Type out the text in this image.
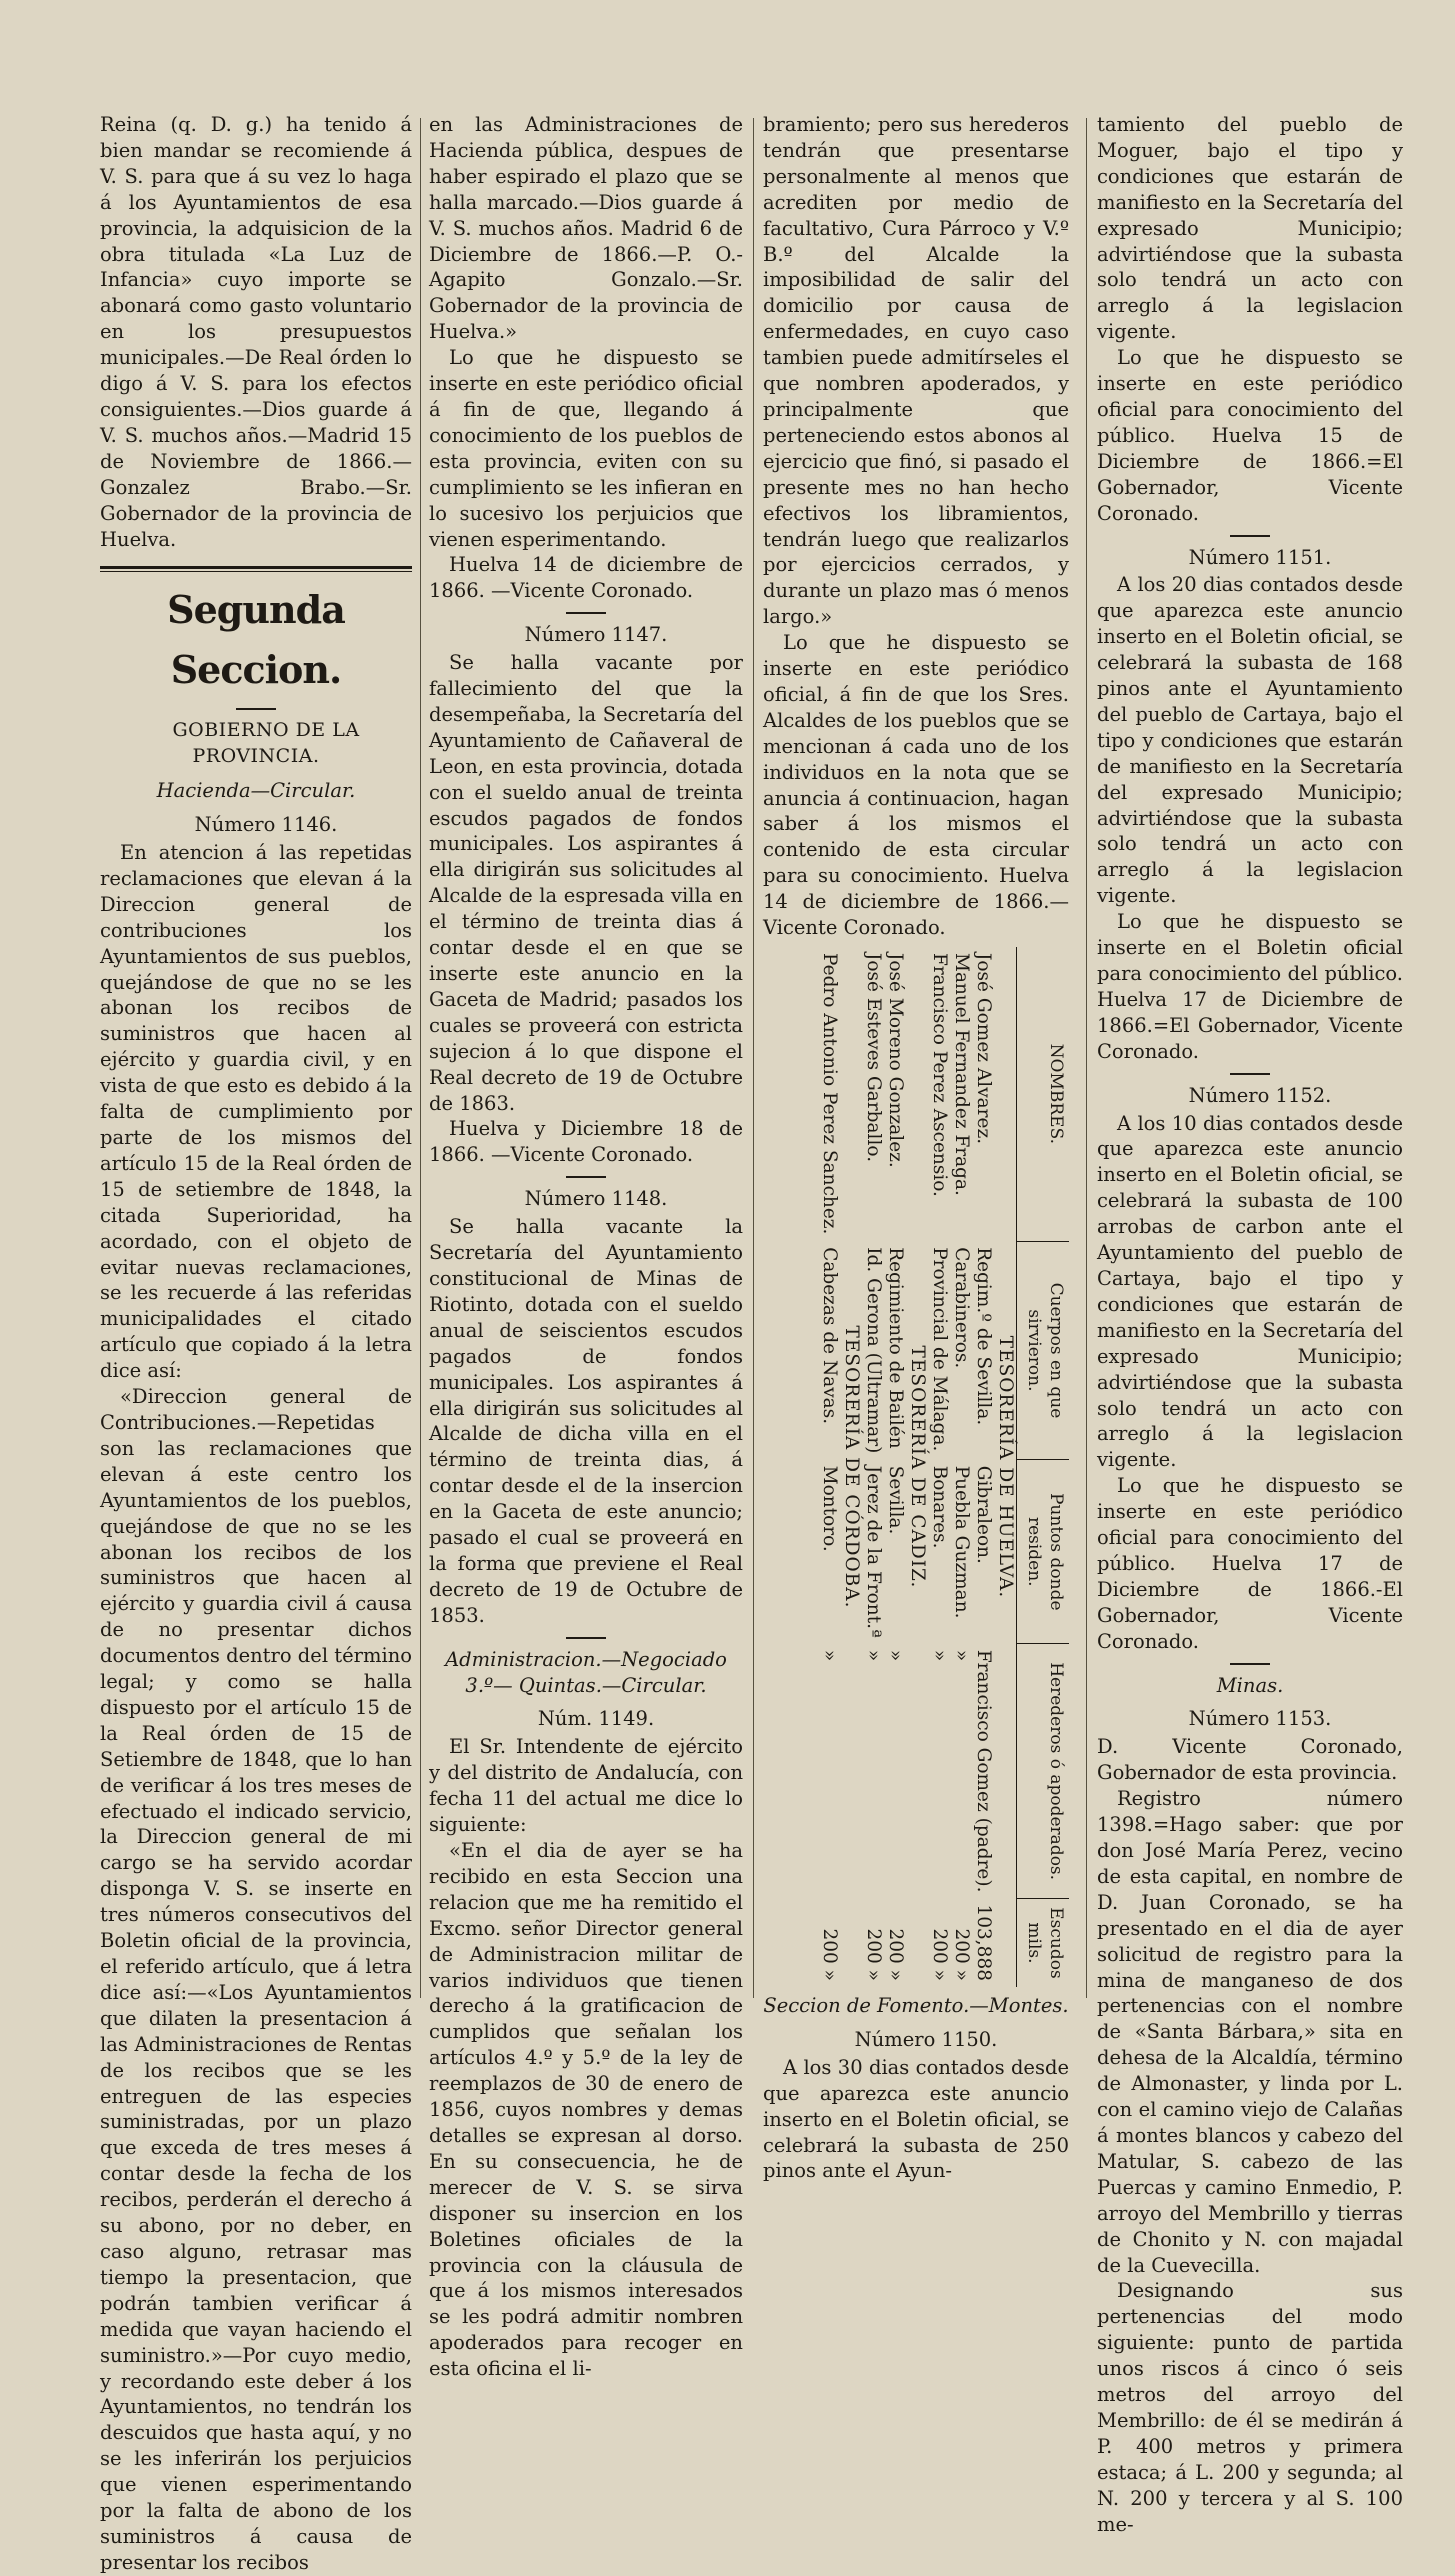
Reina (q. D. g.) ha tenido á bien mandar se recomiende á V. S. para que á su vez lo haga á los Ayuntamientos de esa provincia, la adquisicion de la obra titulada «La Luz de Infancia» cuyo importe se abonará como gasto voluntario en los presupuestos municipales.—De Real órden lo digo á V. S. para los efectos consiguientes.—Dios guarde á V. S. muchos años.—Madrid 15 de Noviembre de 1866.—Gonzalez Brabo.—Sr. Gobernador de la provincia de Huelva.

Segunda Seccion.

GOBIERNO DE LA PROVINCIA.

Hacienda—Circular.

Número 1146.

En atencion á las repetidas reclamaciones que elevan á la Direccion general de contribuciones los Ayuntamientos de sus pueblos, quejándose de que no se les abonan los recibos de suministros que hacen al ejército y guardia civil, y en vista de que esto es debido á la falta de cumplimiento por parte de los mismos del artículo 15 de la Real órden de 15 de setiembre de 1848, la citada Superioridad, ha acordado, con el objeto de evitar nuevas reclamaciones, se les recuerde á las referidas municipalidades el citado artículo que copiado á la letra dice así:

«Direccion general de Contribuciones.—Repetidas son las reclamaciones que elevan á este centro los Ayuntamientos de los pueblos, quejándose de que no se les abonan los recibos de los suministros que hacen al ejército y guardia civil á causa de no presentar dichos documentos dentro del término legal; y como se halla dispuesto por el artículo 15 de la Real órden de 15 de Setiembre de 1848, que lo han de verificar á los tres meses de efectuado el indicado servicio, la Direccion general de mi cargo se ha servido acordar disponga V. S. se inserte en tres números consecutivos del Boletin oficial de la provincia, el referido artículo, que á letra dice así:—«Los Ayuntamientos que dilaten la presentacion á las Administraciones de Rentas de los recibos que se les entreguen de las especies suministradas, por un plazo que exceda de tres meses á contar desde la fecha de los recibos, perderán el derecho á su abono, por no deber, en caso alguno, retrasar mas tiempo la presentacion, que podrán tambien verificar á medida que vayan haciendo el suministro.»—Por cuyo medio, y recordando este deber á los Ayuntamientos, no tendrán los descuidos que hasta aquí, y no se les inferirán los perjuicios que vienen esperimentando por la falta de abono de los suministros á causa de presentar los recibos

en las Administraciones de Hacienda pública, despues de haber espirado el plazo que se halla marcado.—Dios guarde á V. S. muchos años. Madrid 6 de Diciembre de 1866.—P. O.-Agapito Gonzalo.—Sr. Gobernador de la provincia de Huelva.»

Lo que he dispuesto se inserte en este periódico oficial á fin de que, llegando á conocimiento de los pueblos de esta provincia, eviten con su cumplimiento se les infieran en lo sucesivo los perjuicios que vienen esperimentando.

Huelva 14 de diciembre de 1866. —Vicente Coronado.

Número 1147.

Se halla vacante por fallecimiento del que la desempeñaba, la Secretaría del Ayuntamiento de Cañaveral de Leon, en esta provincia, dotada con el sueldo anual de treinta escudos pagados de fondos municipales. Los aspirantes á ella dirigirán sus solicitudes al Alcalde de la espresada villa en el término de treinta dias á contar desde el en que se inserte este anuncio en la Gaceta de Madrid; pasados los cuales se proveerá con estricta sujecion á lo que dispone el Real decreto de 19 de Octubre de 1863.

Huelva y Diciembre 18 de 1866. —Vicente Coronado.

Número 1148.

Se halla vacante la Secretaría del Ayuntamiento constitucional de Minas de Riotinto, dotada con el sueldo anual de seiscientos escudos pagados de fondos municipales. Los aspirantes á ella dirigirán sus solicitudes al Alcalde de dicha villa en el término de treinta dias, á contar desde el de la insercion en la Gaceta de este anuncio; pasado el cual se proveerá en la forma que previene el Real decreto de 19 de Octubre de 1853.

Administracion.—Negociado 3.º— Quintas.—Circular.

Núm. 1149.

El Sr. Intendente de ejército y del distrito de Andalucía, con fecha 11 del actual me dice lo siguiente:

«En el dia de ayer se ha recibido en esta Seccion una relacion que me ha remitido el Excmo. señor Director general de Administracion militar de varios individuos que tienen derecho á la gratificacion de cumplidos que señalan los artículos 4.º y 5.º de la ley de reemplazos de 30 de enero de 1856, cuyos nombres y demas detalles se expresan al dorso. En su consecuencia, he de merecer de V. S. se sirva disponer su insercion en los Boletines oficiales de la provincia con la cláusula de que á los mismos interesados se les podrá admitir nombren apoderados para recoger en esta oficina el li-

bramiento; pero sus herederos tendrán que presentarse personalmente al menos que acrediten por medio de facultativo, Cura Párroco y V.º B.º del Alcalde la imposibilidad de salir del domicilio por causa de enfermedades, en cuyo caso tambien puede admitírseles el que nombren apoderados, y principalmente que perteneciendo estos abonos al ejercicio que finó, si pasado el presente mes no han hecho efectivos los libramientos, tendrán luego que realizarlos por ejercicios cerrados, y durante un plazo mas ó menos largo.»

Lo que he dispuesto se inserte en este periódico oficial, á fin de que los Sres. Alcaldes de los pueblos que se mencionan á cada uno de los individuos en la nota que se anuncia á continuacion, hagan saber á los mismos el contenido de esta circular para su conocimiento. Huelva 14 de diciembre de 1866.—Vicente Coronado.

NOMBRES.	Cuerpos en que sirvieron.	Puntos donde residen.	Herederos ó apoderados.	Escudos mils.
TESORERÍA DE HUELVA.				
José Gomez Alvarez.	Regim.º de Sevilla.	Gibraleon.	Francisco Gomez (padre).	103,888
Manuel Fernandez Fraga.	Carabineros.	Puebla Guzman.	»	200 »
Francisco Perez Ascensio.	Provincial de Málaga.	Bonares.	»	200 »
TESORERÍA DE CADIZ.				
José Moreno Gonzalez.	Regimiento de Bailén	Sevilla.	»	200 »
José Esteves Garballo.	Id. Gerona (Ultramar)	Jerez de la Front.ª	»	200 »
TESORERÍA DE CÓRDOBA.				
Pedro Antonio Perez Sanchez.	Cabezas de Navas.	Montoro.	»	200 »

Seccion de Fomento.—Montes.

Número 1150.

A los 30 dias contados desde que aparezca este anuncio inserto en el Boletin oficial, se celebrará la subasta de 250 pinos ante el Ayun-

tamiento del pueblo de Moguer, bajo el tipo y condiciones que estarán de manifiesto en la Secretaría del expresado Municipio; advirtiéndose que la subasta solo tendrá un acto con arreglo á la legislacion vigente.

Lo que he dispuesto se inserte en este periódico oficial para conocimiento del público. Huelva 15 de Diciembre de 1866.=El Gobernador, Vicente Coronado.

Número 1151.

A los 20 dias contados desde que aparezca este anuncio inserto en el Boletin oficial, se celebrará la subasta de 168 pinos ante el Ayuntamiento del pueblo de Cartaya, bajo el tipo y condiciones que estarán de manifiesto en la Secretaría del expresado Municipio; advirtiéndose que la subasta solo tendrá un acto con arreglo á la legislacion vigente.

Lo que he dispuesto se inserte en el Boletin oficial para conocimiento del público. Huelva 17 de Diciembre de 1866.=El Gobernador, Vicente Coronado.

Número 1152.

A los 10 dias contados desde que aparezca este anuncio inserto en el Boletin oficial, se celebrará la subasta de 100 arrobas de carbon ante el Ayuntamiento del pueblo de Cartaya, bajo el tipo y condiciones que estarán de manifiesto en la Secretaría del expresado Municipio; advirtiéndose que la subasta solo tendrá un acto con arreglo á la legislacion vigente.

Lo que he dispuesto se inserte en este periódico oficial para conocimiento del público. Huelva 17 de Diciembre de 1866.-El Gobernador, Vicente Coronado.

Minas.

Número 1153.

D. Vicente Coronado, Gobernador de esta provincia.

Registro número 1398.=Hago saber: que por don José María Perez, vecino de esta capital, en nombre de D. Juan Coronado, se ha presentado en el dia de ayer solicitud de registro para la mina de manganeso de dos pertenencias con el nombre de «Santa Bárbara,» sita en dehesa de la Alcaldía, término de Almonaster, y linda por L. con el camino viejo de Calañas á montes blancos y cabezo del Matular, S. cabezo de las Puercas y camino Enmedio, P. arroyo del Membrillo y tierras de Chonito y N. con majadal de la Cuevecilla.

Designando sus pertenencias del modo siguiente: punto de partida unos riscos á cinco ó seis metros del arroyo del Membrillo: de él se medirán á P. 400 metros y primera estaca; á L. 200 y segunda; al N. 200 y tercera y al S. 100 me-
